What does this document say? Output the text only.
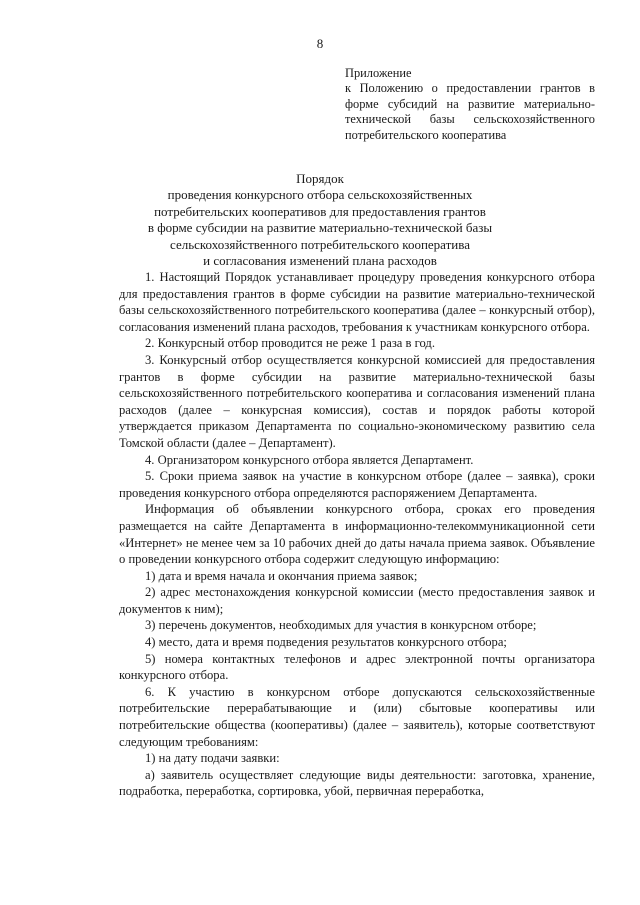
8
Приложение
к Положению о предоставлении грантов в форме субсидий на развитие материально-технической базы сельскохозяйственного потребительского кооператива
Порядок
проведения конкурсного отбора сельскохозяйственных
потребительских кооперативов для предоставления грантов
в форме субсидии на развитие материально-технической базы
сельскохозяйственного потребительского кооператива
и согласования изменений плана расходов

1. Настоящий Порядок устанавливает процедуру проведения конкурсного отбора для предоставления грантов в форме субсидии на развитие материально-технической базы сельскохозяйственного потребительского кооператива (далее – конкурсный отбор), согласования изменений плана расходов, требования к участникам конкурсного отбора.

2. Конкурсный отбор проводится не реже 1 раза в год.

3. Конкурсный отбор осуществляется конкурсной комиссией для предоставления грантов в форме субсидии на развитие материально-технической базы сельскохозяйственного потребительского кооператива и согласования изменений плана расходов (далее – конкурсная комиссия), состав и порядок работы которой утверждается приказом Департамента по социально-экономическому развитию села Томской области (далее – Департамент).

4. Организатором конкурсного отбора является Департамент.

5. Сроки приема заявок на участие в конкурсном отборе (далее – заявка), сроки проведения конкурсного отбора определяются распоряжением Департамента.

Информация об объявлении конкурсного отбора, сроках его проведения размещается на сайте Департамента в информационно-телекоммуникационной сети «Интернет» не менее чем за 10 рабочих дней до даты начала приема заявок. Объявление о проведении конкурсного отбора содержит следующую информацию:

1) дата и время начала и окончания приема заявок;

2) адрес местонахождения конкурсной комиссии (место предоставления заявок и документов к ним);

3) перечень документов, необходимых для участия в конкурсном отборе;

4) место, дата и время подведения результатов конкурсного отбора;

5) номера контактных телефонов и адрес электронной почты организатора конкурсного отбора.

6. К участию в конкурсном отборе допускаются сельскохозяйственные потребительские перерабатывающие и (или) сбытовые кооперативы или потребительские общества (кооперативы) (далее – заявитель), которые соответствуют следующим требованиям:

1) на дату подачи заявки:

а) заявитель осуществляет следующие виды деятельности: заготовка, хранение, подработка, переработка, сортировка, убой, первичная переработка,
